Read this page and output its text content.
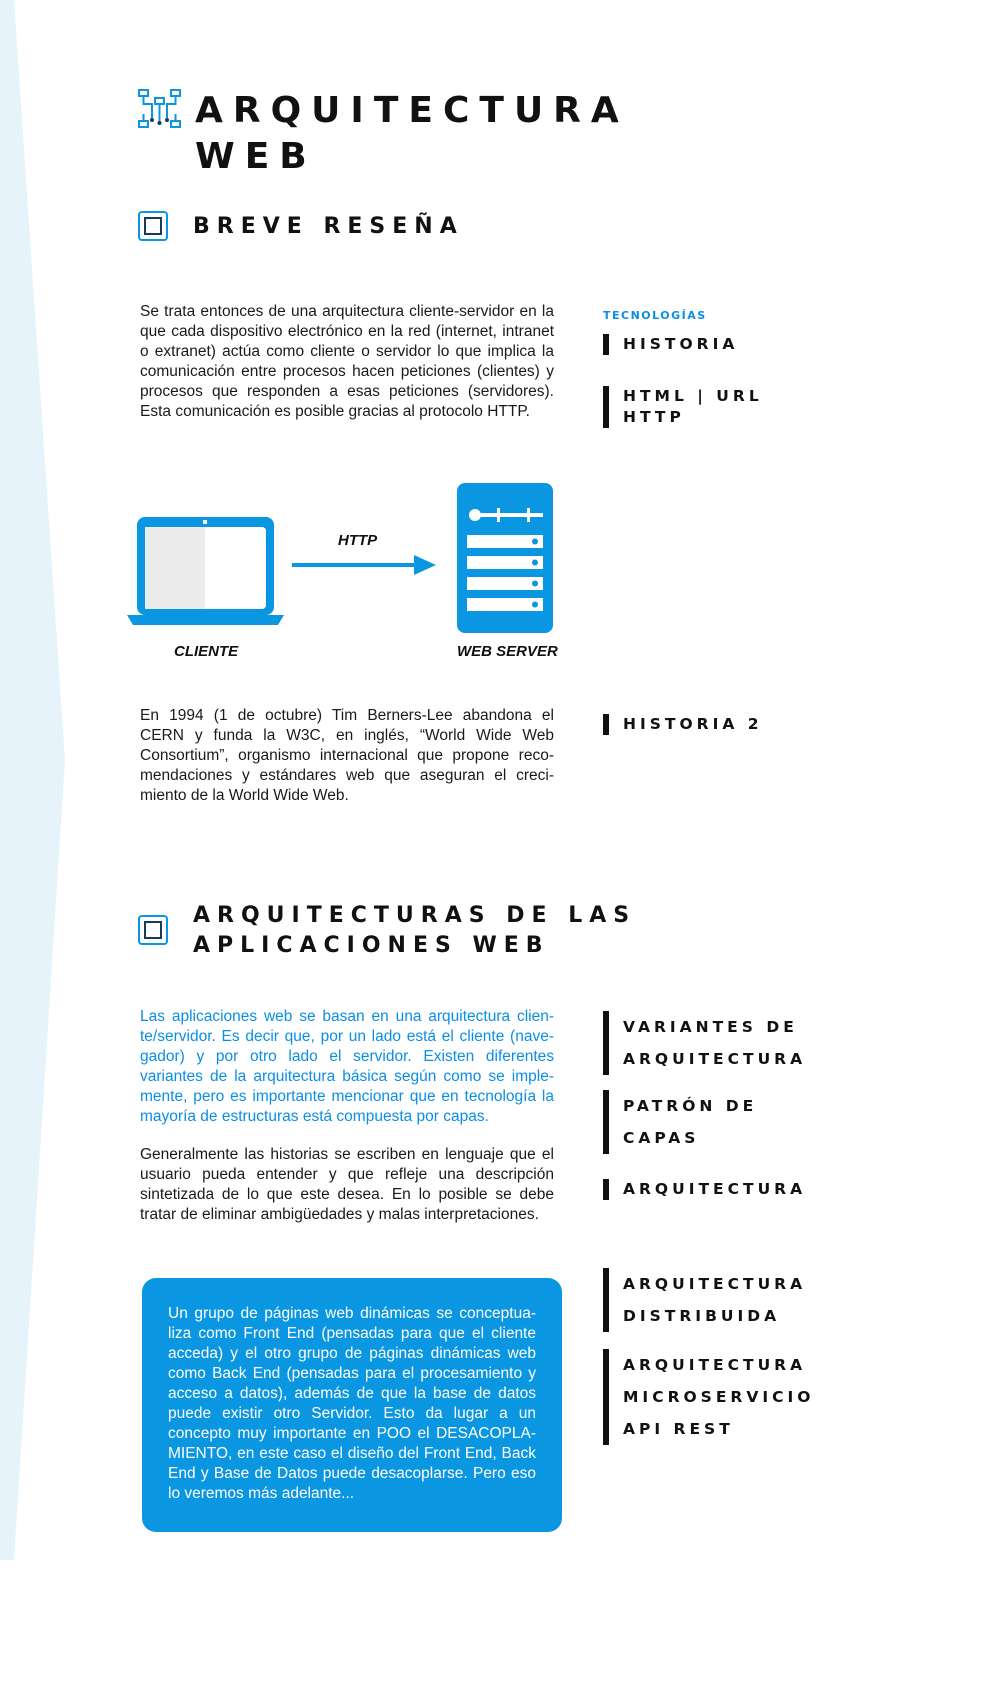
ARQUITECTURA
WEB
BREVE RESEÑA
Se trata entonces de una arquitectura cliente-servidor en la que cada dispositivo electrónico en la red (internet, intranet o extranet) actúa como cliente o servidor lo que implica la comunicación entre procesos hacen peticiones (clientes) y procesos que responden a esas peticiones (servidores). Esta comunicación es posible gracias al protocolo HTTP.
TECNOLOGÍAS
HISTORIA
HTML | URL
HTTP
CLIENTE
HTTP
WEB SERVER
En 1994 (1 de octubre) Tim Berners-Lee abandona el CERN y funda la W3C, en inglés, “World Wide Web Consortium”, organismo internacional que propone reco-mendaciones y estándares web que aseguran el creci-miento de la World Wide Web.
HISTORIA 2
ARQUITECTURAS DE LAS
APLICACIONES WEB
Las aplicaciones web se basan en una arquitectura clien-te/servidor. Es decir que, por un lado está el cliente (nave-gador) y por otro lado el servidor. Existen diferentes variantes de la arquitectura básica según como se imple-mente, pero es importante mencionar que en tecnología la mayoría de estructuras está compuesta por capas.
Generalmente las historias se escriben en lenguaje que el usuario pueda entender y que refleje una descripción sintetizada de lo que este desea. En lo posible se debe tratar de eliminar ambigüedades y malas interpretaciones.
VARIANTES DE
ARQUITECTURA
PATRÓN DE
CAPAS
ARQUITECTURA

Un grupo de páginas web dinámicas se conceptua-liza como Front End (pensadas para que el cliente acceda) y el otro grupo de páginas dinámicas web como Back End (pensadas para el procesamiento y acceso a datos), además de que la base de datos puede existir otro Servidor. Esto da lugar a un concepto muy importante en POO el DESACOPLA-MIENTO, en este caso el diseño del Front End, Back End y Base de Datos puede desacoplarse. Pero eso lo veremos más adelante...

ARQUITECTURA
DISTRIBUIDA
ARQUITECTURA
MICROSERVICIO
API REST
